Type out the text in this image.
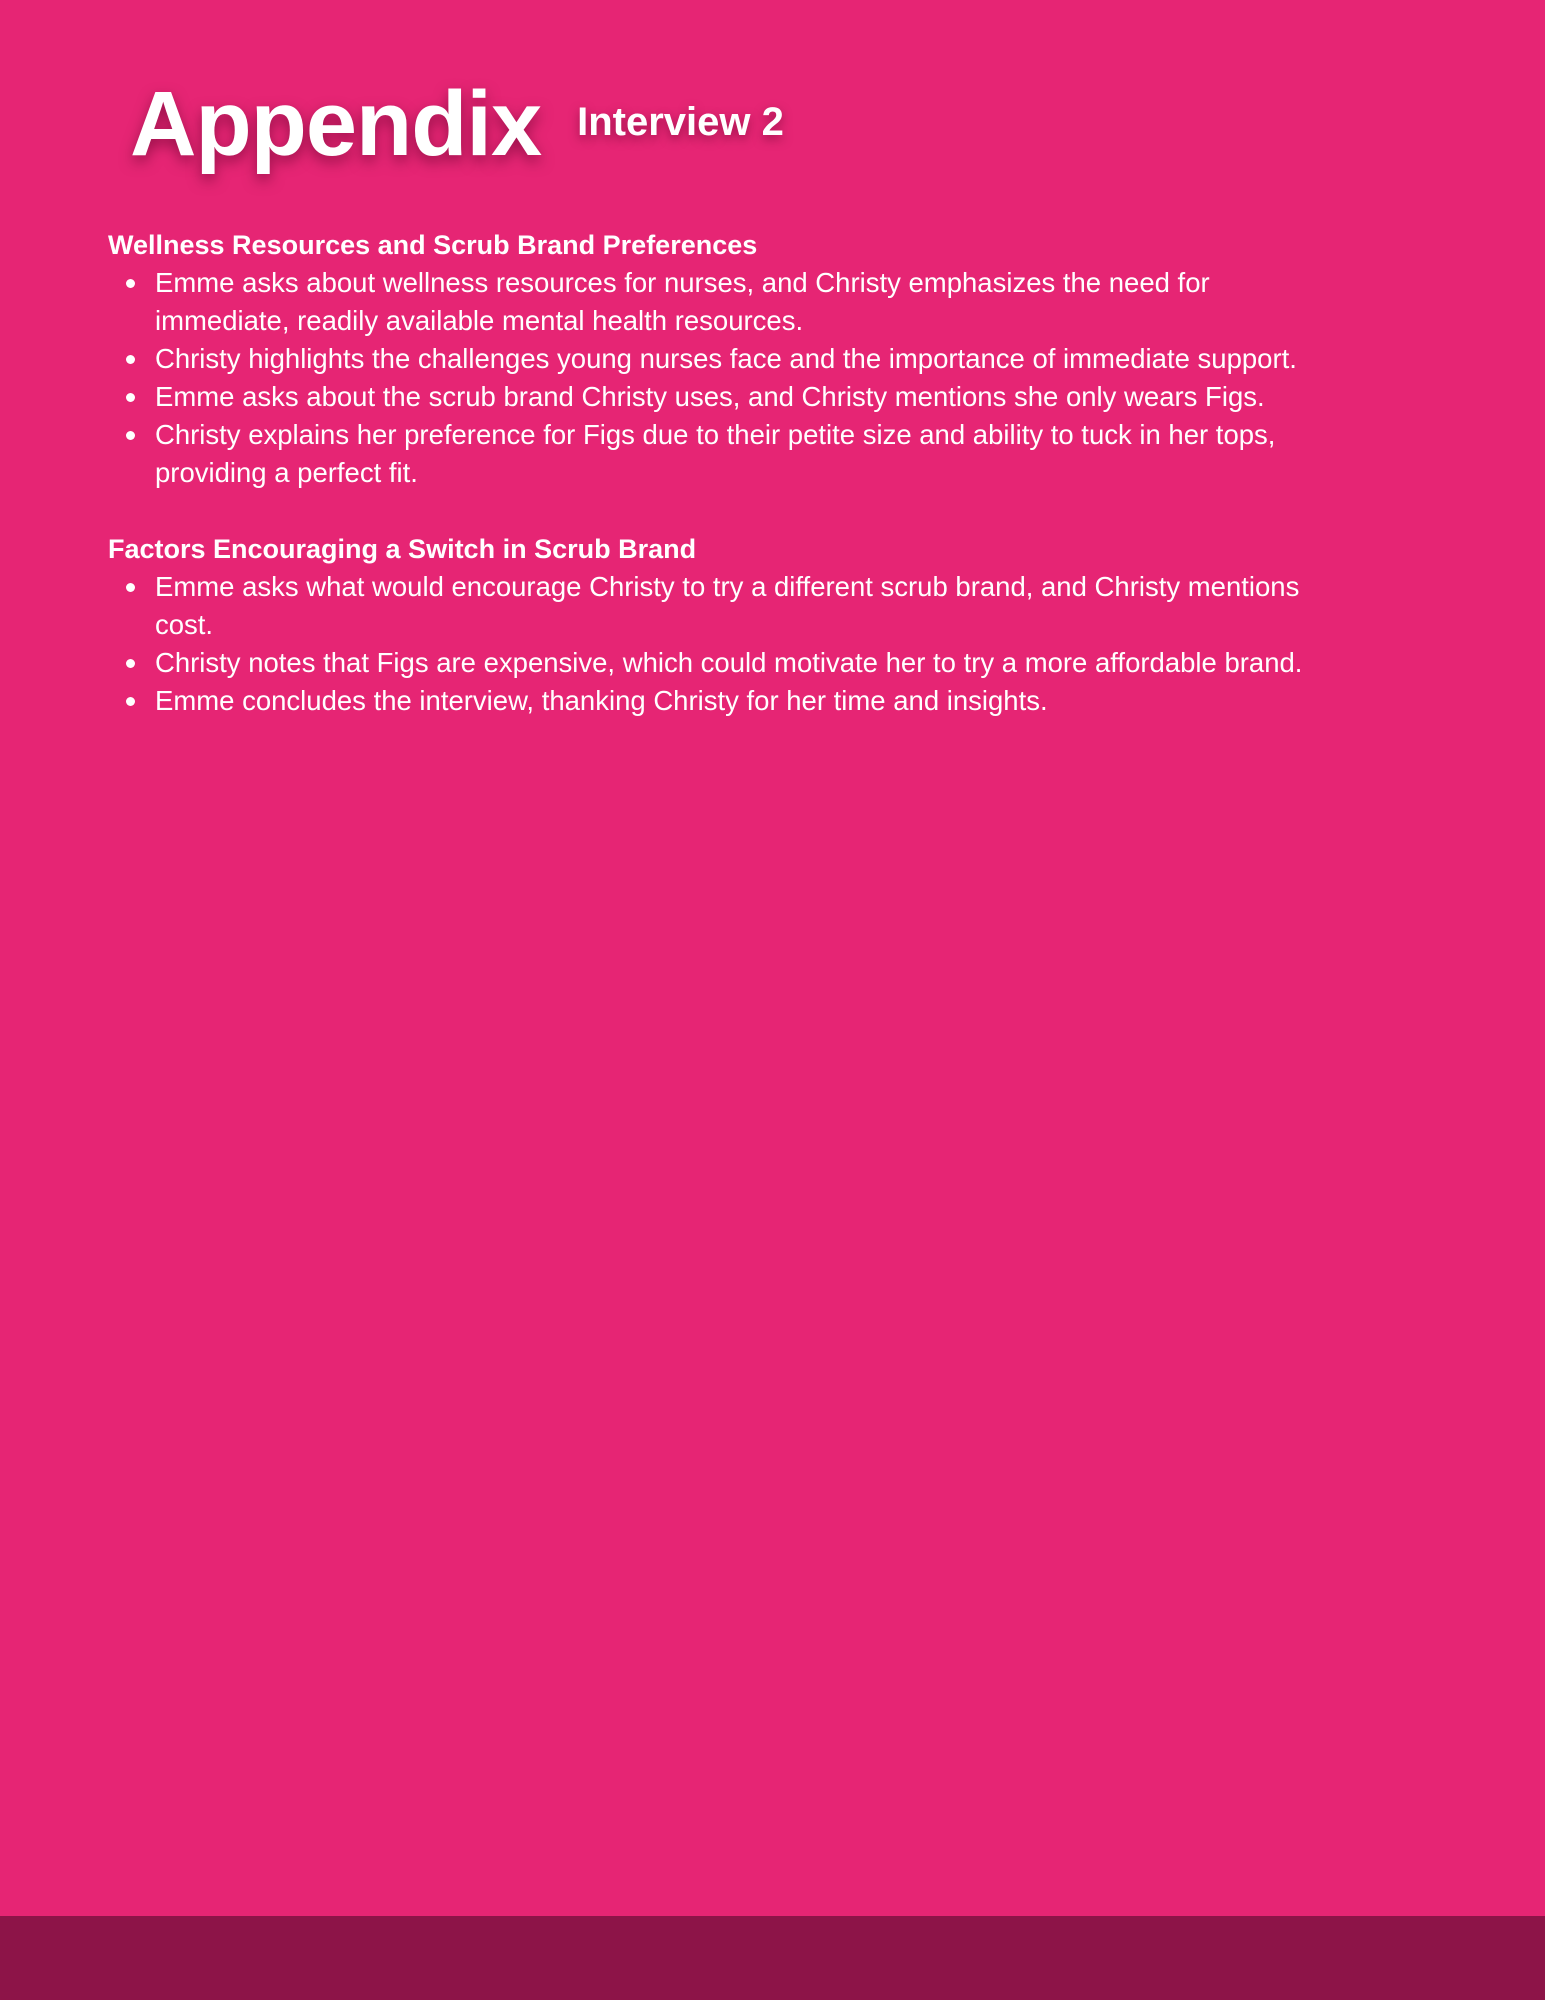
Appendix Interview 2

Wellness Resources and Scrub Brand Preferences

Emme asks about wellness resources for nurses, and Christy emphasizes the need for immediate, readily available mental health resources.
Christy highlights the challenges young nurses face and the importance of immediate support.
Emme asks about the scrub brand Christy uses, and Christy mentions she only wears Figs.
Christy explains her preference for Figs due to their petite size and ability to tuck in her tops, providing a perfect fit.

Factors Encouraging a Switch in Scrub Brand

Emme asks what would encourage Christy to try a different scrub brand, and Christy mentions cost.
Christy notes that Figs are expensive, which could motivate her to try a more affordable brand.
Emme concludes the interview, thanking Christy for her time and insights.
